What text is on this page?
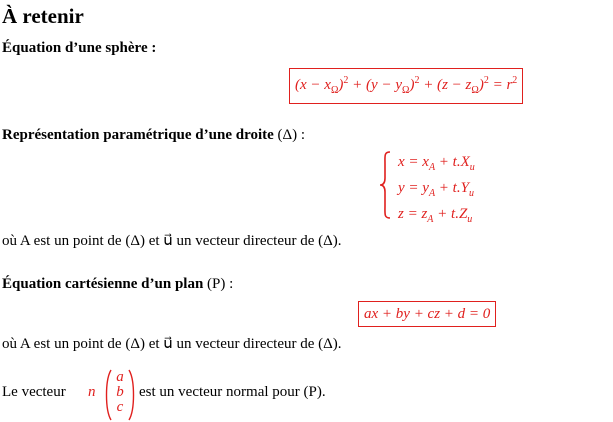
À retenir
Équation d’une sphère :
$(x - x_\Omega)^2 + (y - y_\Omega)^2 + (z - z_\Omega)^2 = r^2$
Représentation paramétrique d’une droite (Δ) :
$x = x_A + t.X_{u⃗}$
$y = y_A + t.Y_{u⃗}$
$z = z_A + t.Z_{u⃗}$
où A est un point de (Δ) et u⃗ un vecteur directeur de (Δ).
Équation cartésienne d’un plan (P) :
ax + by + cz + d = 0
où A est un point de (Δ) et u⃗ un vecteur directeur de (Δ).
Le vecteur n⃗
a
b
c
est un vecteur normal pour (P).
